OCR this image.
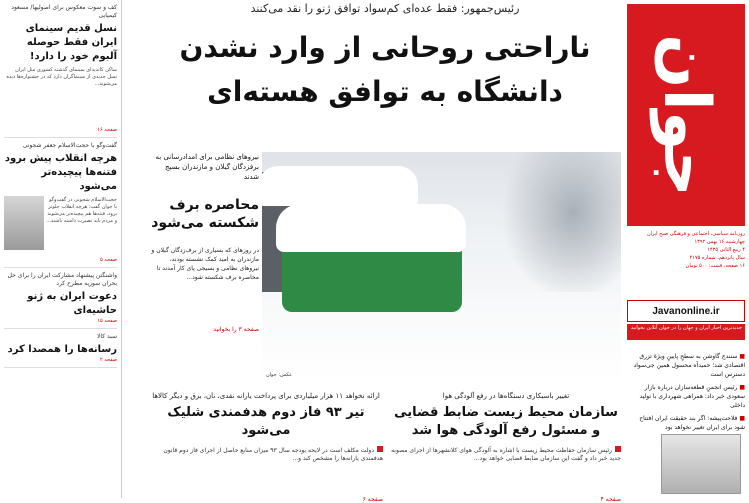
جوان
روزنامه سیاسی، اجتماعی و فرهنگی صبح ایران
چهارشنبه ۱۶ بهمن ۱۳۹۲
۴ ربیع الثانی ۱۴۳۵
سال پانزدهم، شماره ۴۱۷۵
۱۶ صفحه، قیمت: ۵۰۰ تومان
Javanonline.ir
جدیدترین اخبار ایران و جهان را در جوان آنلاین بخوانید

■ سنندج گاوشن به سطحِ پایینِ ویژۀ تزرق اقتصادی شد؛ حمیدآه محسول همین جی‌سواد دسترس است

■ رئیس انجمنِ قطعه‌سازان درباره بازار سعودی خبر داد: همراهی شهرداری با تولید داخلی

■ فلاحت‌پیشه: اگر بند حقیقت ایران افتتاح شود برای ایران تغییر نخواهد بود

رئیس‌جمهور: فقط عده‌ای کم‌سواد توافق ژنو را نقد می‌کنند
ناراحتی روحانی از وارد نشدن
دانشگاه به توافق هسته‌ای
عکس: جوان
نیروهای نظامی برای امدادرسانی به برفزدگان گیلان و مازندران بسیج شدند
محاصره برف شکسته می‌شود
در روزهای که بسیاری از برف‌زدگان گیلان و مازندران به امید کمک نشسته بودند، نیروهای نظامی و بسیجی پای کار آمدند تا محاصره برف شکسته شود...
صفحه ۳ را بخوانید
تغییر باسیکاری دستگاه‌ها در رفع آلودگی هوا
سازمان محیط زیست ضابط قضایی و مسئول رفع آلودگی هوا شد
رئیس سازمان حفاظت محیط زیست با اشاره به آلودگی هوای کلانشهرها از اجرای مصوبه جدید خبر داد و گفت این سازمان ضابط قضایی خواهد بود...
صفحه ۴
ارائه نخواهد ۱۱ هزار میلیاردی برای پرداخت یارانه نقدی، نان، برق و دیگر کالاها
تیر ۹۳ فاز دوم هدفمندی شلیک می‌شود
دولت مکلف است در لایحه بودجه سال ۹۳ میزان منابع حاصل از اجرای فاز دوم قانون هدفمندی یارانه‌ها را مشخص کند و...
صفحه ۶
کف و سوت معکوس برای اصولیها/ مسعود کیمیایی
نسل قدیم سینمای ایران فقط حوصله آلبوم خود را دارد!
ساکن کاندیدای سینمای گذشته کشوری مثل ایران نسل جدیدی از سینماگران دارد که در جشنواره‌ها دیده می‌شوند...
صفحه ۱۶
گفت‌وگو با حجت‌الاسلام جعفر شجونی
هرچه انقلاب پیش برود فتنه‌ها پیچیده‌تر می‌شود
حجت‌الاسلام شجونی در گفت‌وگو با جوان گفت: هرچه انقلاب جلوتر برود، فتنه‌ها هم پیچیده‌تر می‌شوند و مردم باید بصیرت داشته باشند...
صفحه ۵
واشنگتن پیشنهاد مشارکت ایران را برای حل بحران سوریه مطرح کرد
دعوت ایران به ژنو حاشیه‌ای
صفحه ۱۵
سبد کالا
رسانه‌ها را همصدا کرد
صفحه ۲
